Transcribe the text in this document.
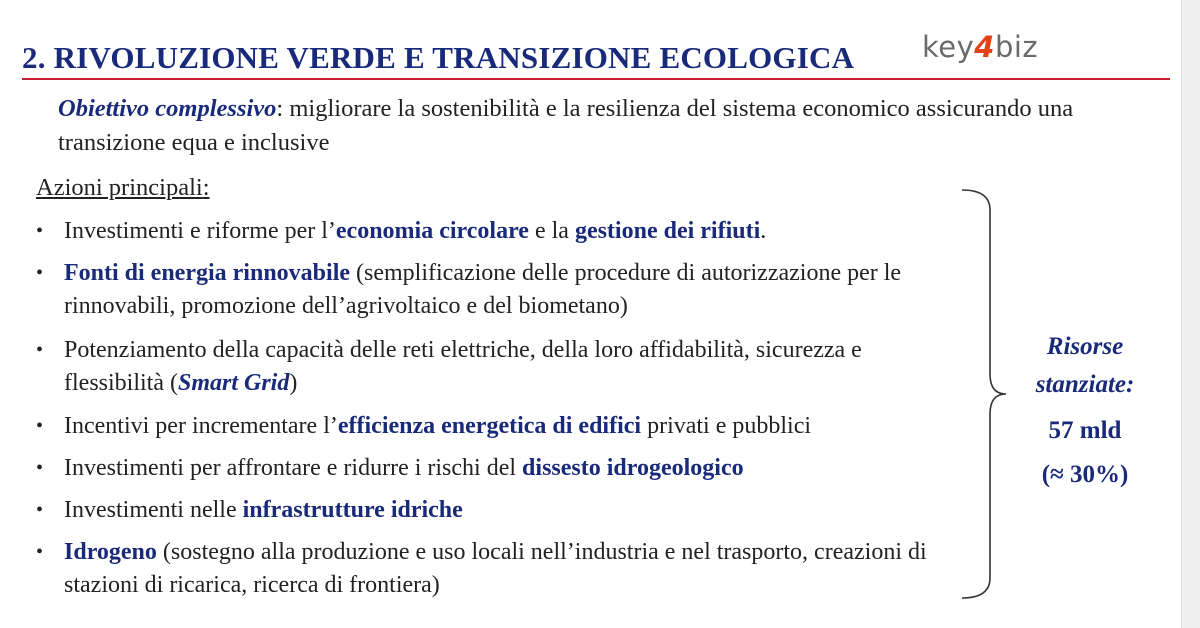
2. RIVOLUZIONE VERDE E TRANSIZIONE ECOLOGICA key4biz
Obiettivo complessivo: migliorare la sostenibilità e la resilienza del sistema economico assicurando una transizione equa e inclusive
Azioni principali:
• Investimenti e riforme per l’economia circolare e la gestione dei rifiuti.
• Fonti di energia rinnovabile (semplificazione delle procedure di autorizzazione per le rinnovabili, promozione dell’agrivoltaico e del biometano)
• Potenziamento della capacità delle reti elettriche, della loro affidabilità, sicurezza e flessibilità (Smart Grid)
• Incentivi per incrementare l’efficienza energetica di edifici privati e pubblici
• Investimenti per affrontare e ridurre i rischi del dissesto idrogeologico
• Investimenti nelle infrastrutture idriche
• Idrogeno (sostegno alla produzione e uso locali nell’industria e nel trasporto, creazioni di stazioni di ricarica, ricerca di frontiera)
Risorse
stanziate:
57 mld
(≈ 30%)
